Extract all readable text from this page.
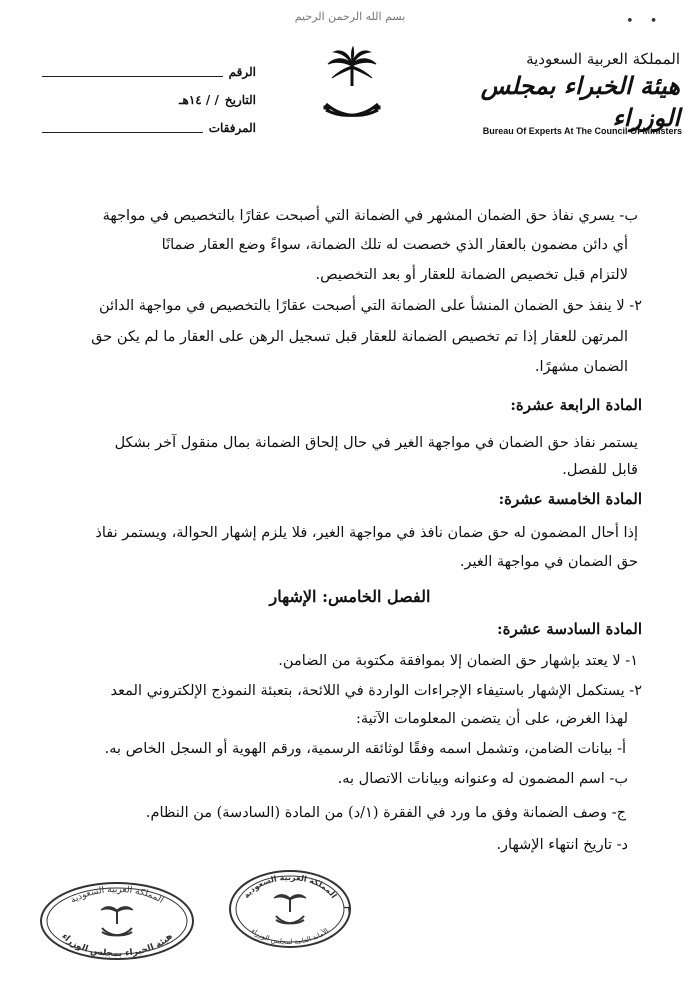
بسم الله الرحمن الرحيم	• •
الرقم
التاريخ
/ / ١٤هـ
المرفقات
المملكة العربية السعودية
هيئة الخبراء بمجلس الوزراء
Bureau Of Experts At The Council Of Ministers
ب- يسري نفاذ حق الضمان المشهر في الضمانة التي أصبحت عقارًا بالتخصيص في مواجهة
أي دائن مضمون بالعقار الذي خصصت له تلك الضمانة، سواءً وضع العقار ضمانًا
لالتزام قبل تخصيص الضمانة للعقار أو بعد التخصيص.
٢- لا ينفذ حق الضمان المنشأ على الضمانة التي أصبحت عقارًا بالتخصيص في مواجهة الدائن
المرتهن للعقار إذا تم تخصيص الضمانة للعقار قبل تسجيل الرهن على العقار ما لم يكن حق
الضمان مشهرًا.
المادة الرابعة عشرة:
يستمر نفاذ حق الضمان في مواجهة الغير في حال إلحاق الضمانة بمال منقول آخر بشكل
قابل للفصل.
المادة الخامسة عشرة:
إذا أحال المضمون له حق ضمان نافذ في مواجهة الغير، فلا يلزم إشهار الحوالة، ويستمر نفاذ
حق الضمان في مواجهة الغير.
الفصل الخامس: الإشهار
المادة السادسة عشرة:
١- لا يعتد بإشهار حق الضمان إلا بموافقة مكتوبة من الضامن.
٢- يستكمل الإشهار باستيفاء الإجراءات الواردة في اللائحة، بتعبئة النموذج الإلكتروني المعد
لهذا الغرض، على أن يتضمن المعلومات الآتية:
أ- بيانات الضامن، وتشمل اسمه وفقًا لوثائقه الرسمية، ورقم الهوية أو السجل الخاص به.
ب- اسم المضمون له وعنوانه وبيانات الاتصال به.
ج- وصف الضمانة وفق ما ورد في الفقرة (١/د) من المادة (السادسة) من النظام.
د- تاريخ انتهاء الإشهار.
٦
المملكة العربية السعودية
هيئة الخبراء بمجلس الوزراء
المملكة العربية السعودية
الأمانة العامة لمجلس الوزراء
